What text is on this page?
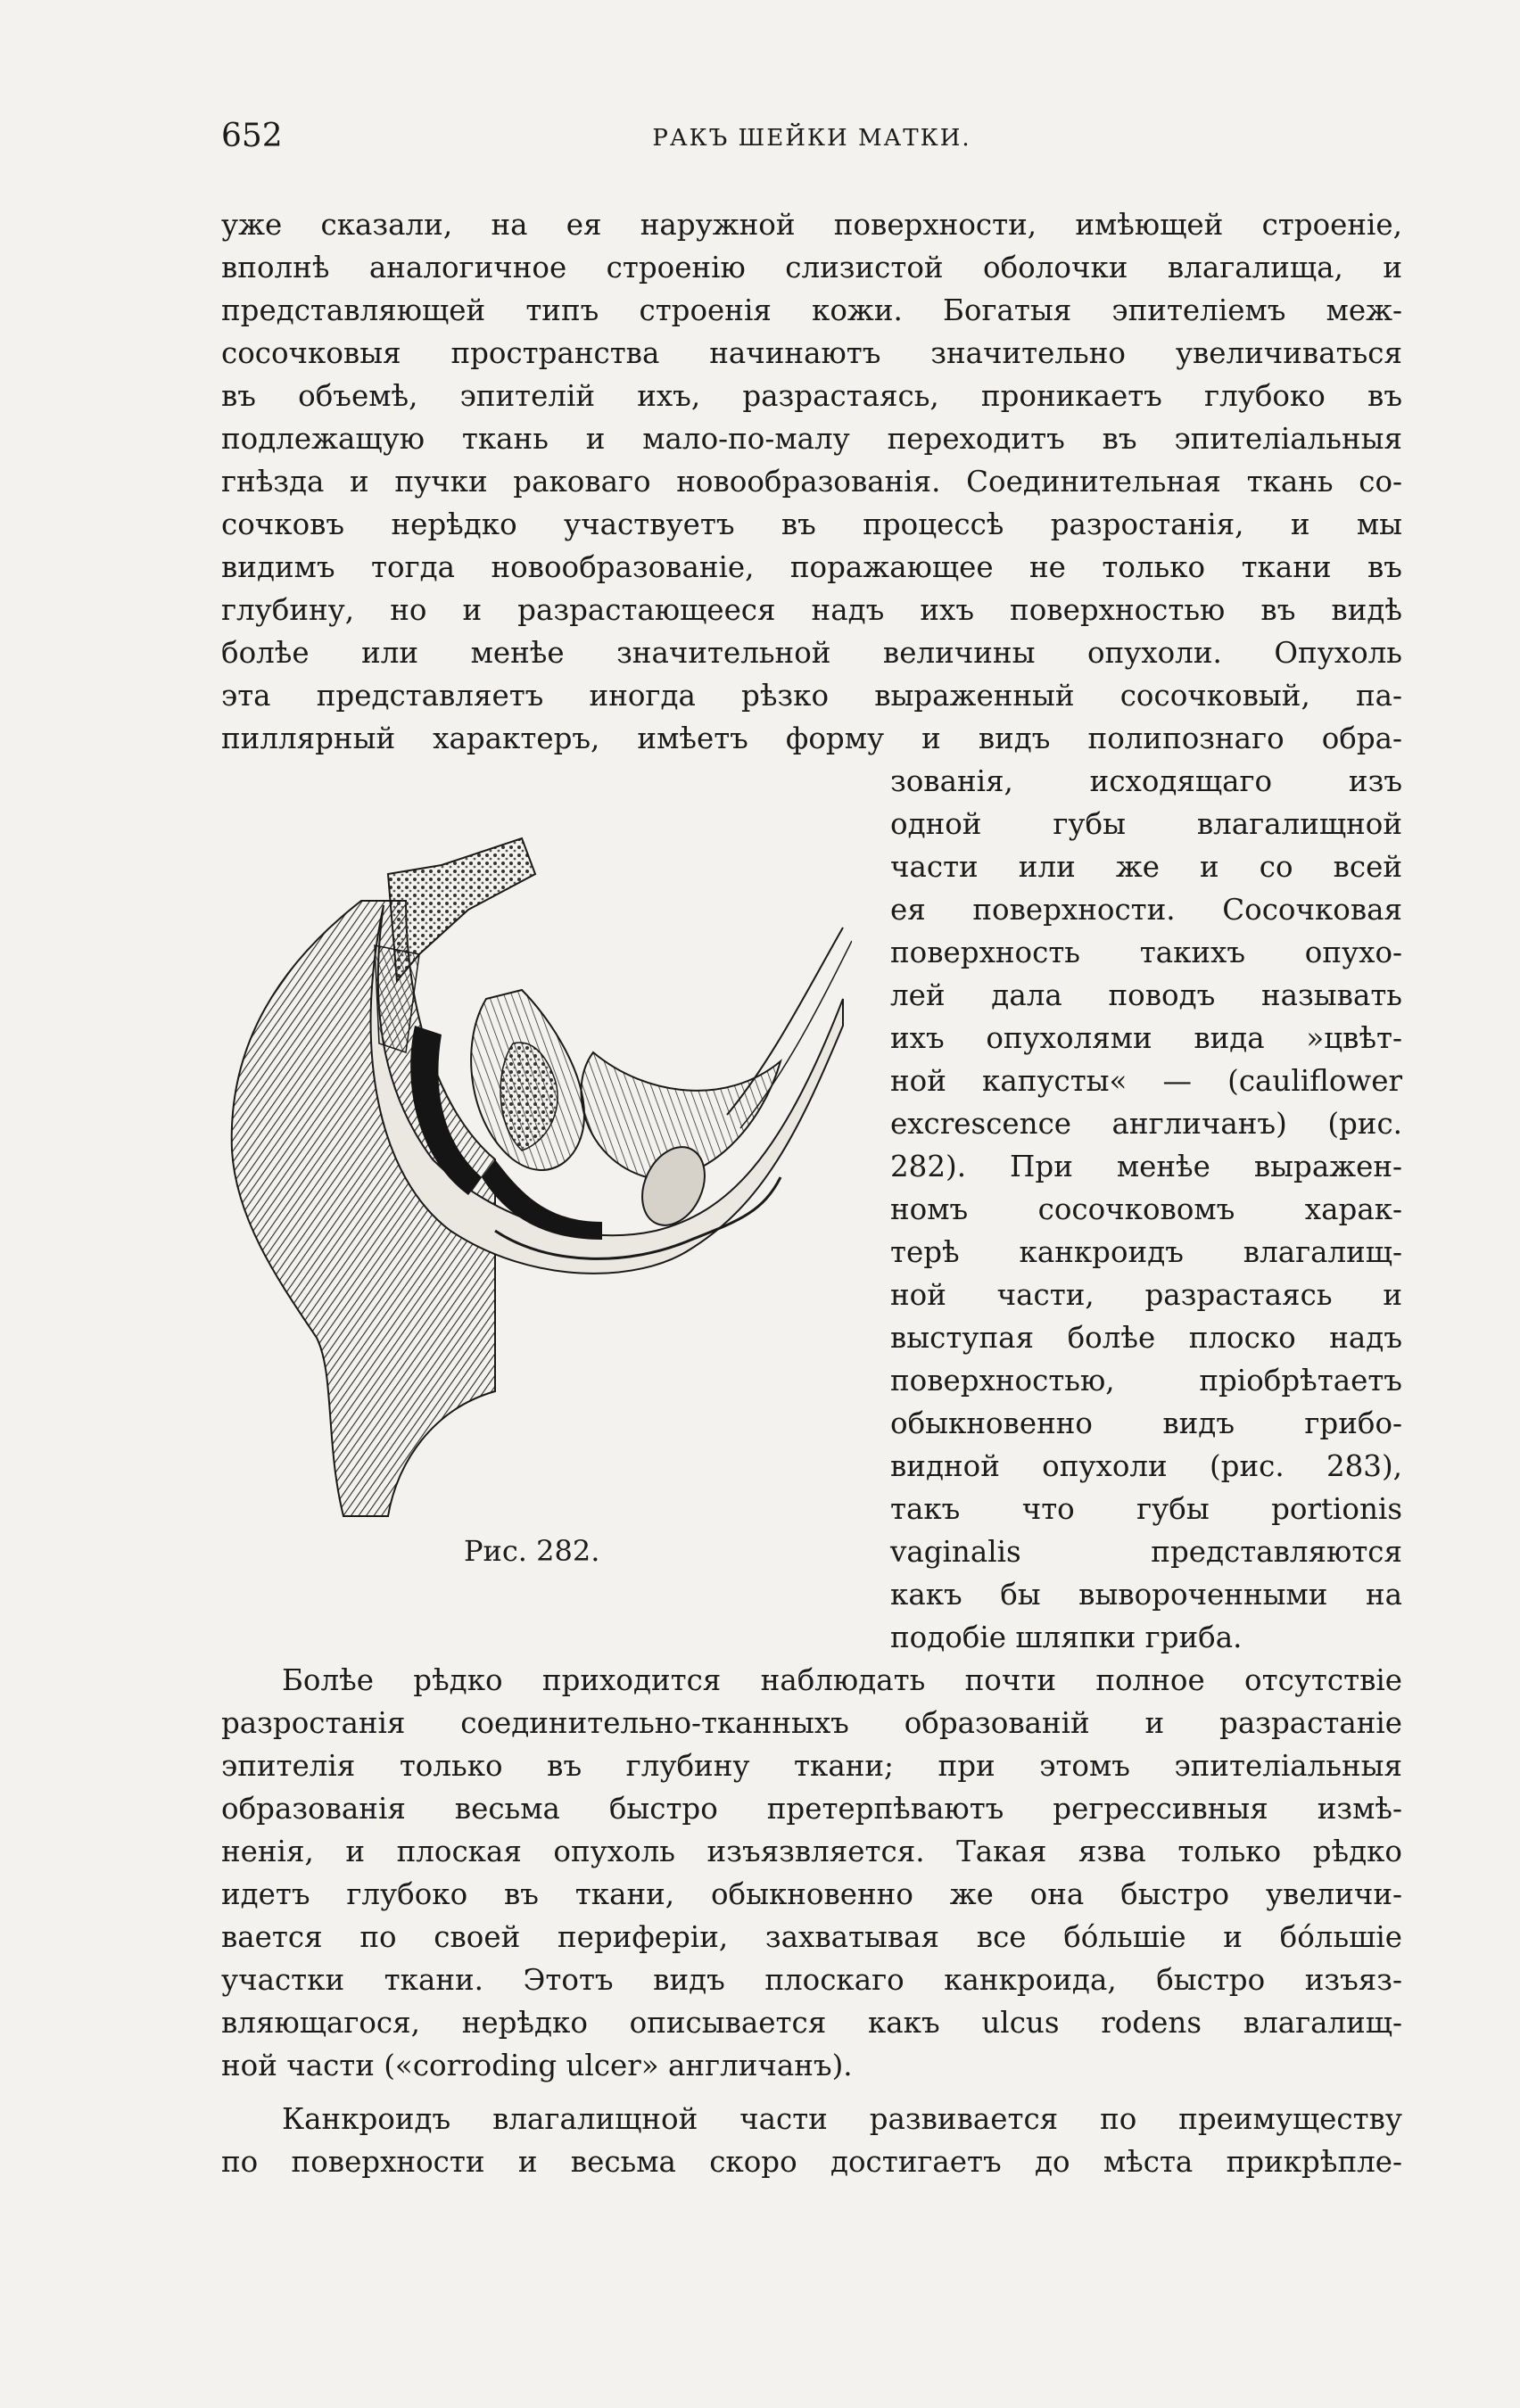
652	РАКЪ ШЕЙКИ МАТКИ.
уже сказали, на ея наружной поверхности, имѣющей строеніе,
вполнѣ аналогичное строенію слизистой оболочки влагалища, и
представляющей типъ строенія кожи. Богатыя эпителіемъ меж-
сосочковыя пространства начинаютъ значительно увеличиваться
въ объемѣ, эпителій ихъ, разрастаясь, проникаетъ глубоко въ
подлежащую ткань и мало-по-малу переходитъ въ эпителіальныя
гнѣзда и пучки раковаго новообразованія. Соединительная ткань со-
сочковъ нерѣдко участвуетъ въ процессѣ разростанія, и мы
видимъ тогда новообразованіе, поражающее не только ткани въ
глубину, но и разрастающееся надъ ихъ поверхностью въ видѣ
болѣе или менѣе значительной величины опухоли. Опухоль
эта представляетъ иногда рѣзко выраженный сосочковый, па-
пиллярный характеръ, имѣетъ форму и видъ полипознаго обра-
зованія, исходящаго изъ
одной губы влагалищной
части или же и со всей
ея поверхности. Сосочковая
поверхность такихъ опухо-
лей дала поводъ называть
ихъ опухолями вида »цвѣт-
ной капусты« — (cauliflower
excrescence англичанъ) (рис.
282). При менѣе выражен-
номъ сосочковомъ харак-
терѣ канкроидъ влагалищ-
ной части, разрастаясь и
выступая болѣе плоско надъ
поверхностью, пріобрѣтаетъ
обыкновенно видъ грибо-
видной опухоли (рис. 283),
такъ что губы portionis
vaginalis представляются
какъ бы вывороченными на
подобіе шляпки гриба.
Рис. 282.
Болѣе рѣдко приходится наблюдать почти полное отсутствіе
разростанія соединительно-тканныхъ образованій и разрастаніе
эпителія только въ глубину ткани; при этомъ эпителіальныя
образованія весьма быстро претерпѣваютъ регрессивныя измѣ-
ненія, и плоская опухоль изъязвляется. Такая язва только рѣдко
идетъ глубоко въ ткани, обыкновенно же она быстро увеличи-
вается по своей периферіи, захватывая все бóльшіе и бóльшіе
участки ткани. Этотъ видъ плоскаго канкроида, быстро изъяз-
вляющагося, нерѣдко описывается какъ ulcus rodens влагалищ-
ной части («corroding ulcer» англичанъ).
Канкроидъ влагалищной части развивается по преимуществу
по поверхности и весьма скоро достигаетъ до мѣста прикрѣпле-
